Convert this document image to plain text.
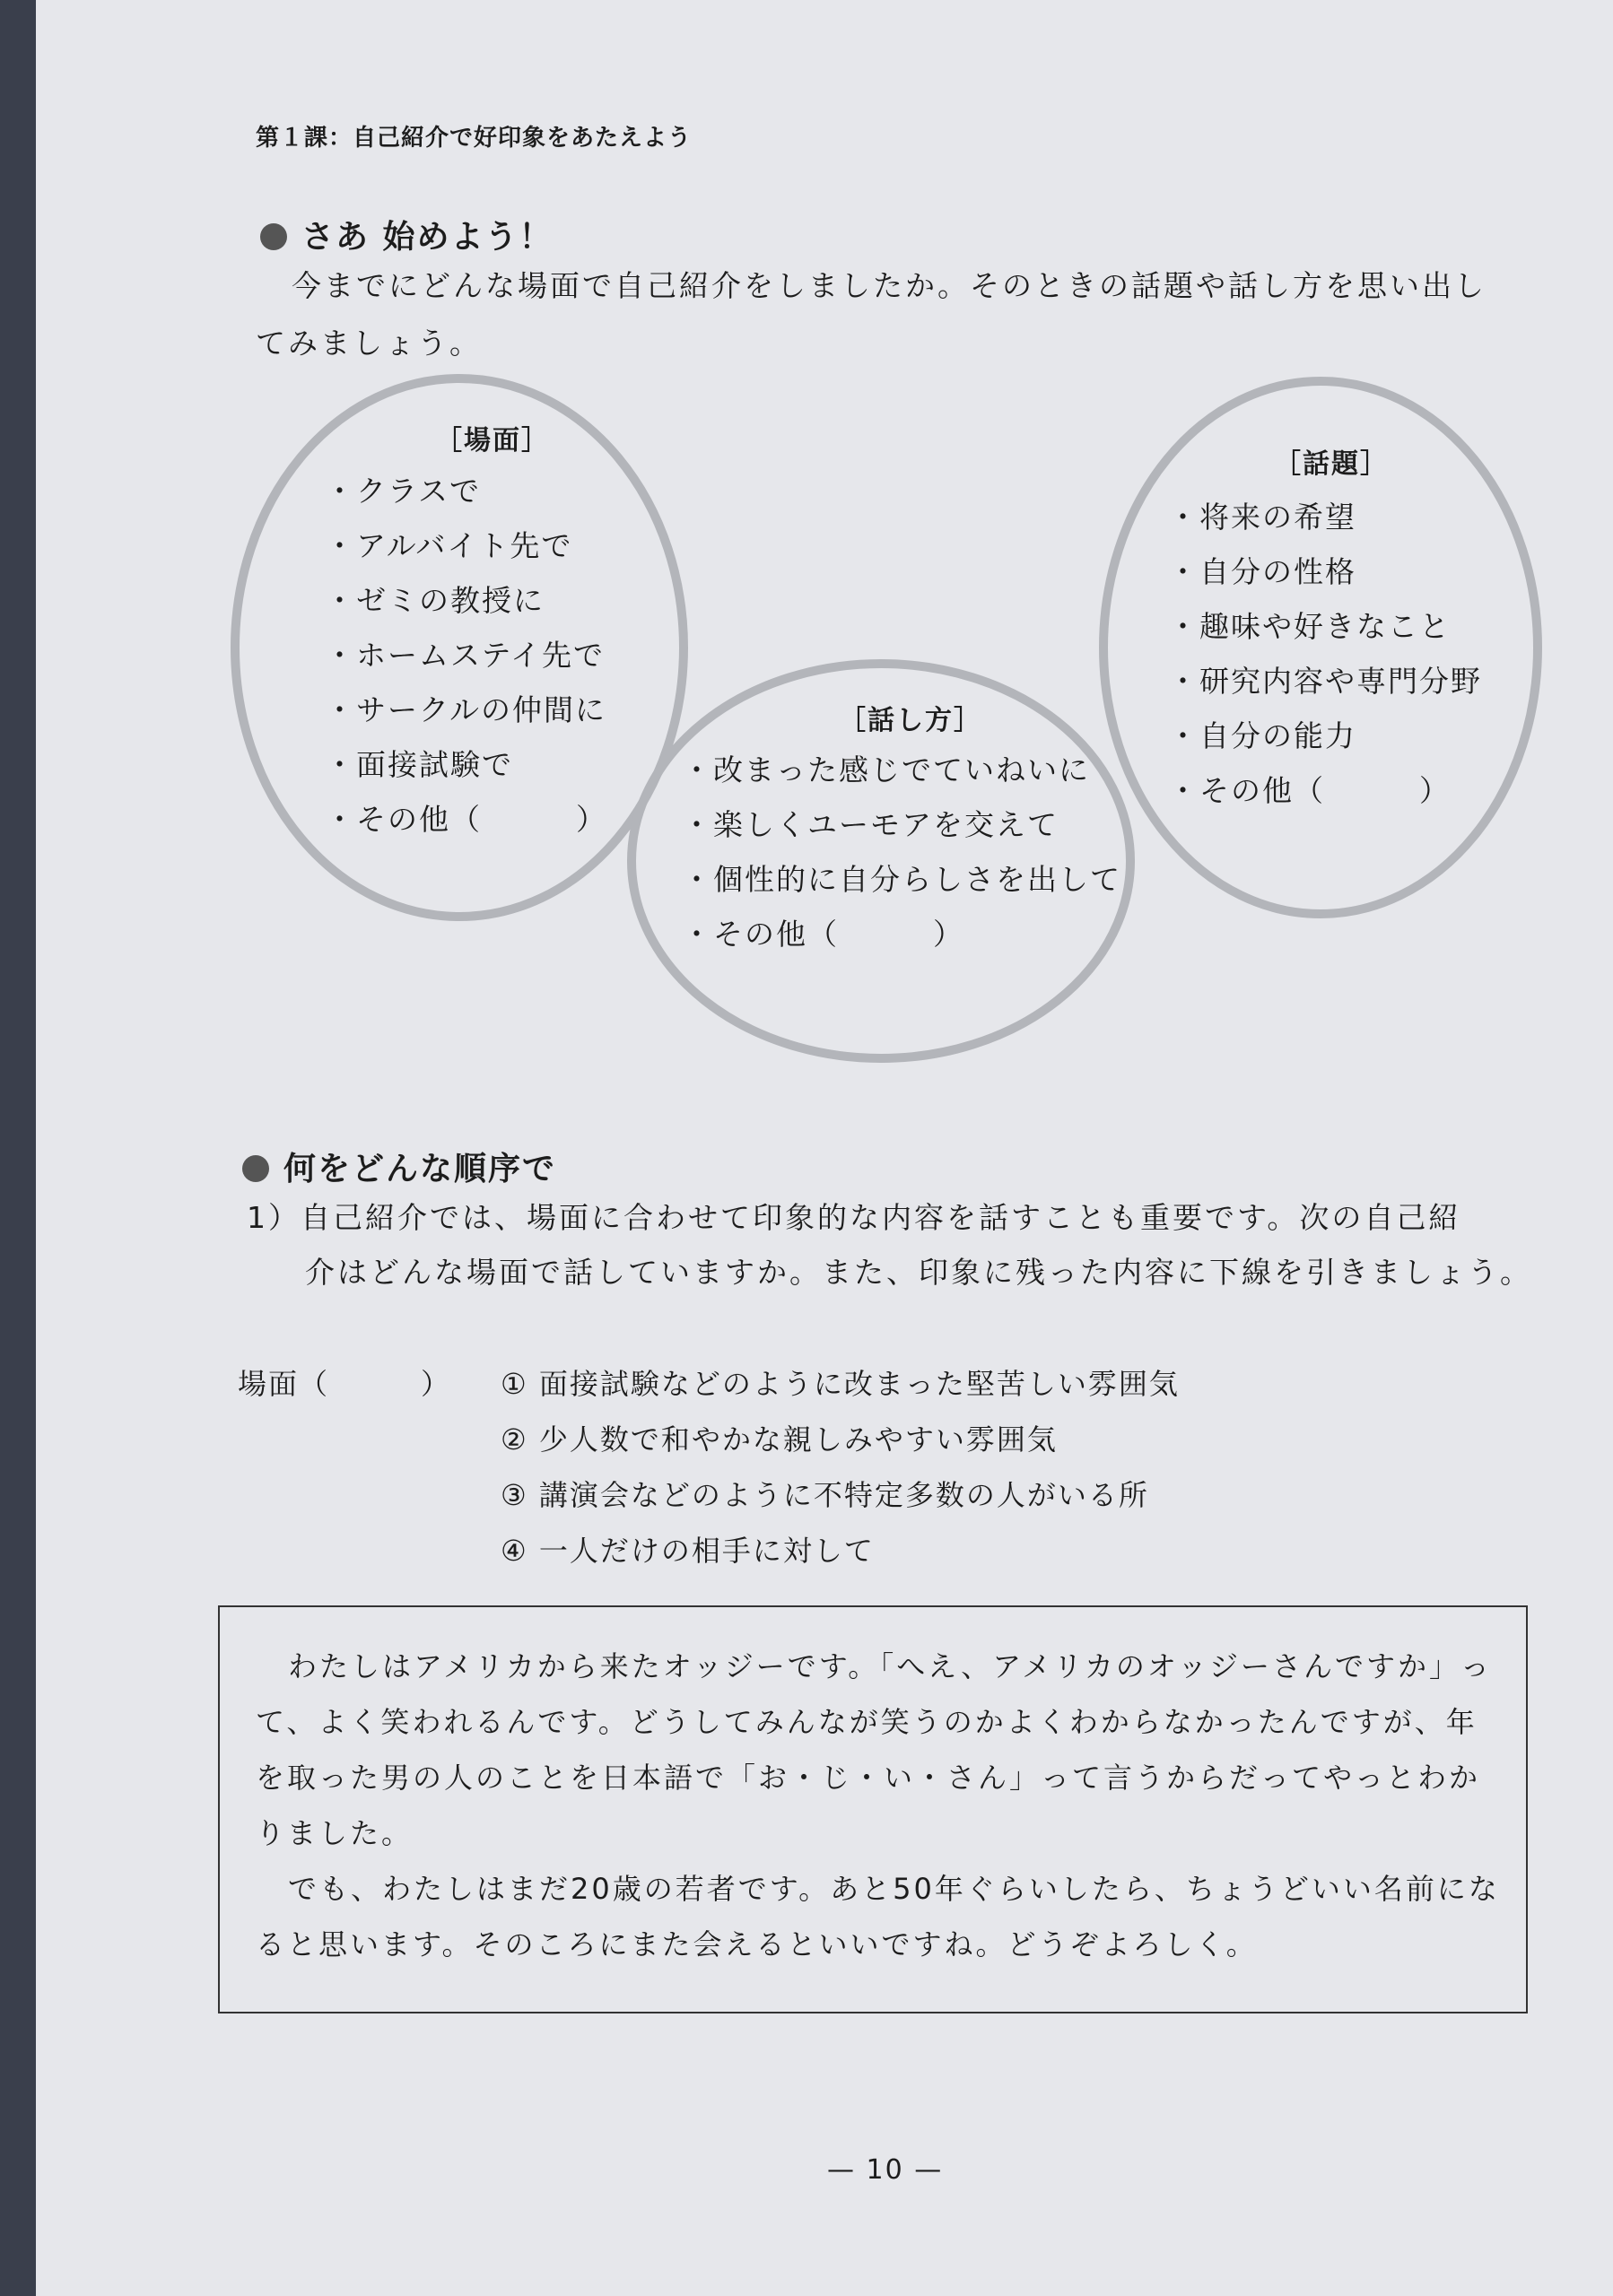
第１課：自己紹介で好印象をあたえよう
さあ 始めよう！
今までにどんな場面で自己紹介をしましたか。そのときの話題や話し方を思い出し
てみましょう。
［場面］
・クラスで
・アルバイト先で
・ゼミの教授に
・ホームステイ先で
・サークルの仲間に
・面接試験で
・その他（　　　）
［話し方］
・改まった感じでていねいに
・楽しくユーモアを交えて
・個性的に自分らしさを出して
・その他（　　　）
［話題］
・将来の希望
・自分の性格
・趣味や好きなこと
・研究内容や専門分野
・自分の能力
・その他（　　　）
何をどんな順序で
1）自己紹介では、場面に合わせて印象的な内容を話すことも重要です。次の自己紹
介はどんな場面で話していますか。また、印象に残った内容に下線を引きましょう。
場面（　　　） ① 面接試験などのように改まった堅苦しい雰囲気
② 少人数で和やかな親しみやすい雰囲気
③ 講演会などのように不特定多数の人がいる所
④ 一人だけの相手に対して
わたしはアメリカから来たオッジーです。「へえ、アメリカのオッジーさんですか」って、よく笑われるんです。どうしてみんなが笑うのかよくわからなかったんですが、年を取った男の人のことを日本語で「お・じ・い・さん」って言うからだってやっとわかりました。
でも、わたしはまだ20歳の若者です。あと50年ぐらいしたら、ちょうどいい名前になると思います。そのころにまた会えるといいですね。どうぞよろしく。
— 10 —
